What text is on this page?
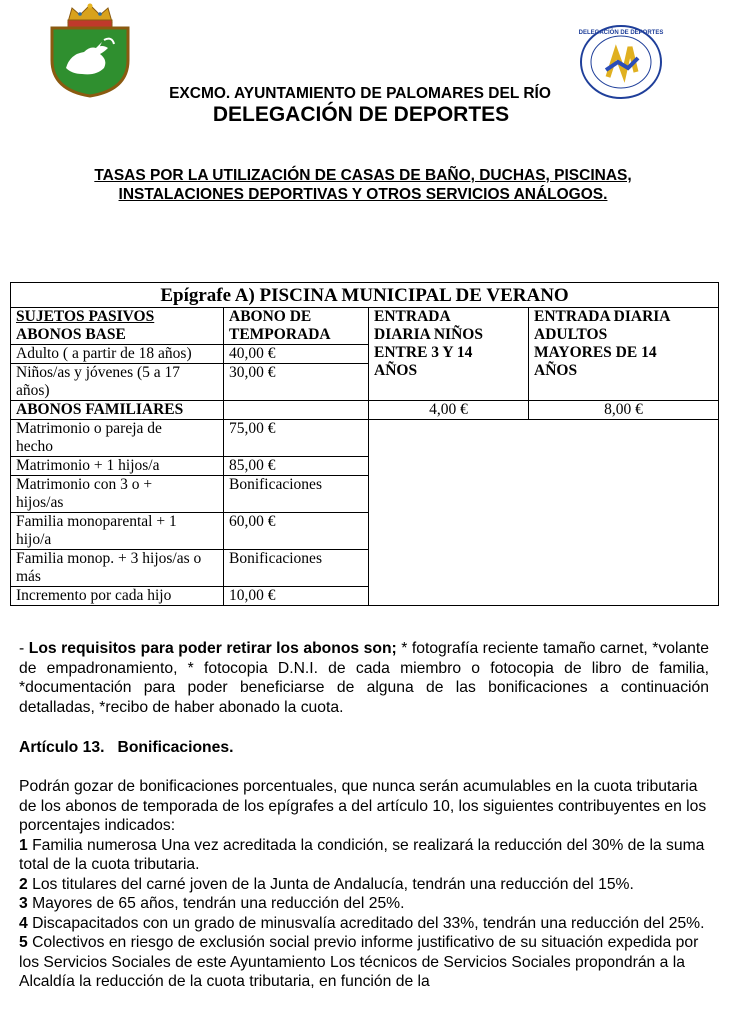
DELEGACIÓN DE DEPORTES
EXCMO. AYUNTAMIENTO DE PALOMARES DEL RÍO
DELEGACIÓN DE DEPORTES
TASAS POR LA UTILIZACIÓN DE CASAS DE BAÑO, DUCHAS, PISCINAS,
INSTALACIONES DEPORTIVAS Y OTROS SERVICIOS ANÁLOGOS.
Epígrafe A) PISCINA MUNICIPAL DE VERANO			

SUJETOS PASIVOS
ABONOS BASE	ABONO DE TEMPORADA	ENTRADA DIARIA NIÑOS ENTRE 3 Y 14 AÑOS	ENTRADA DIARIA ADULTOS MAYORES DE 14 AÑOS
Adulto ( a partir de 18 años)	40,00 €		
Niños/as y jóvenes (5 a 17 años)	30,00 €		
ABONOS FAMILIARES		4,00 €	8,00 €
Matrimonio o pareja de hecho	75,00 €		
Matrimonio + 1 hijos/a	85,00 €		
Matrimonio con 3 o + hijos/as	Bonificaciones		
Familia monoparental + 1 hijo/a	60,00 €		
Familia monop. + 3 hijos/as o más	Bonificaciones		
Incremento por cada hijo	10,00 €		
- Los requisitos para poder retirar los abonos son; * fotografía reciente tamaño carnet, *volante de empadronamiento, * fotocopia D.N.I. de cada miembro o fotocopia de libro de familia, *documentación para poder beneficiarse de alguna de las bonificaciones a continuación detalladas, *recibo de haber abonado la cuota.
Artículo 13.   Bonificaciones.

Podrán gozar de bonificaciones porcentuales, que nunca serán acumulables en la cuota tributaria de los abonos de temporada de los epígrafes a del artículo 10, los siguientes contribuyentes en los porcentajes indicados:

1 Familia numerosa Una vez acreditada la condición, se realizará la reducción del 30% de la suma total de la cuota tributaria.

2 Los titulares del carné joven de la Junta de Andalucía, tendrán una reducción del 15%.

3 Mayores de 65 años, tendrán una reducción del 25%.

4 Discapacitados con un grado de minusvalía acreditado del 33%, tendrán una reducción del 25%.

5 Colectivos en riesgo de exclusión social previo informe justificativo de su situación expedida por los Servicios Sociales de este Ayuntamiento Los técnicos de Servicios Sociales propondrán a la Alcaldía la reducción de la cuota tributaria, en función de la
